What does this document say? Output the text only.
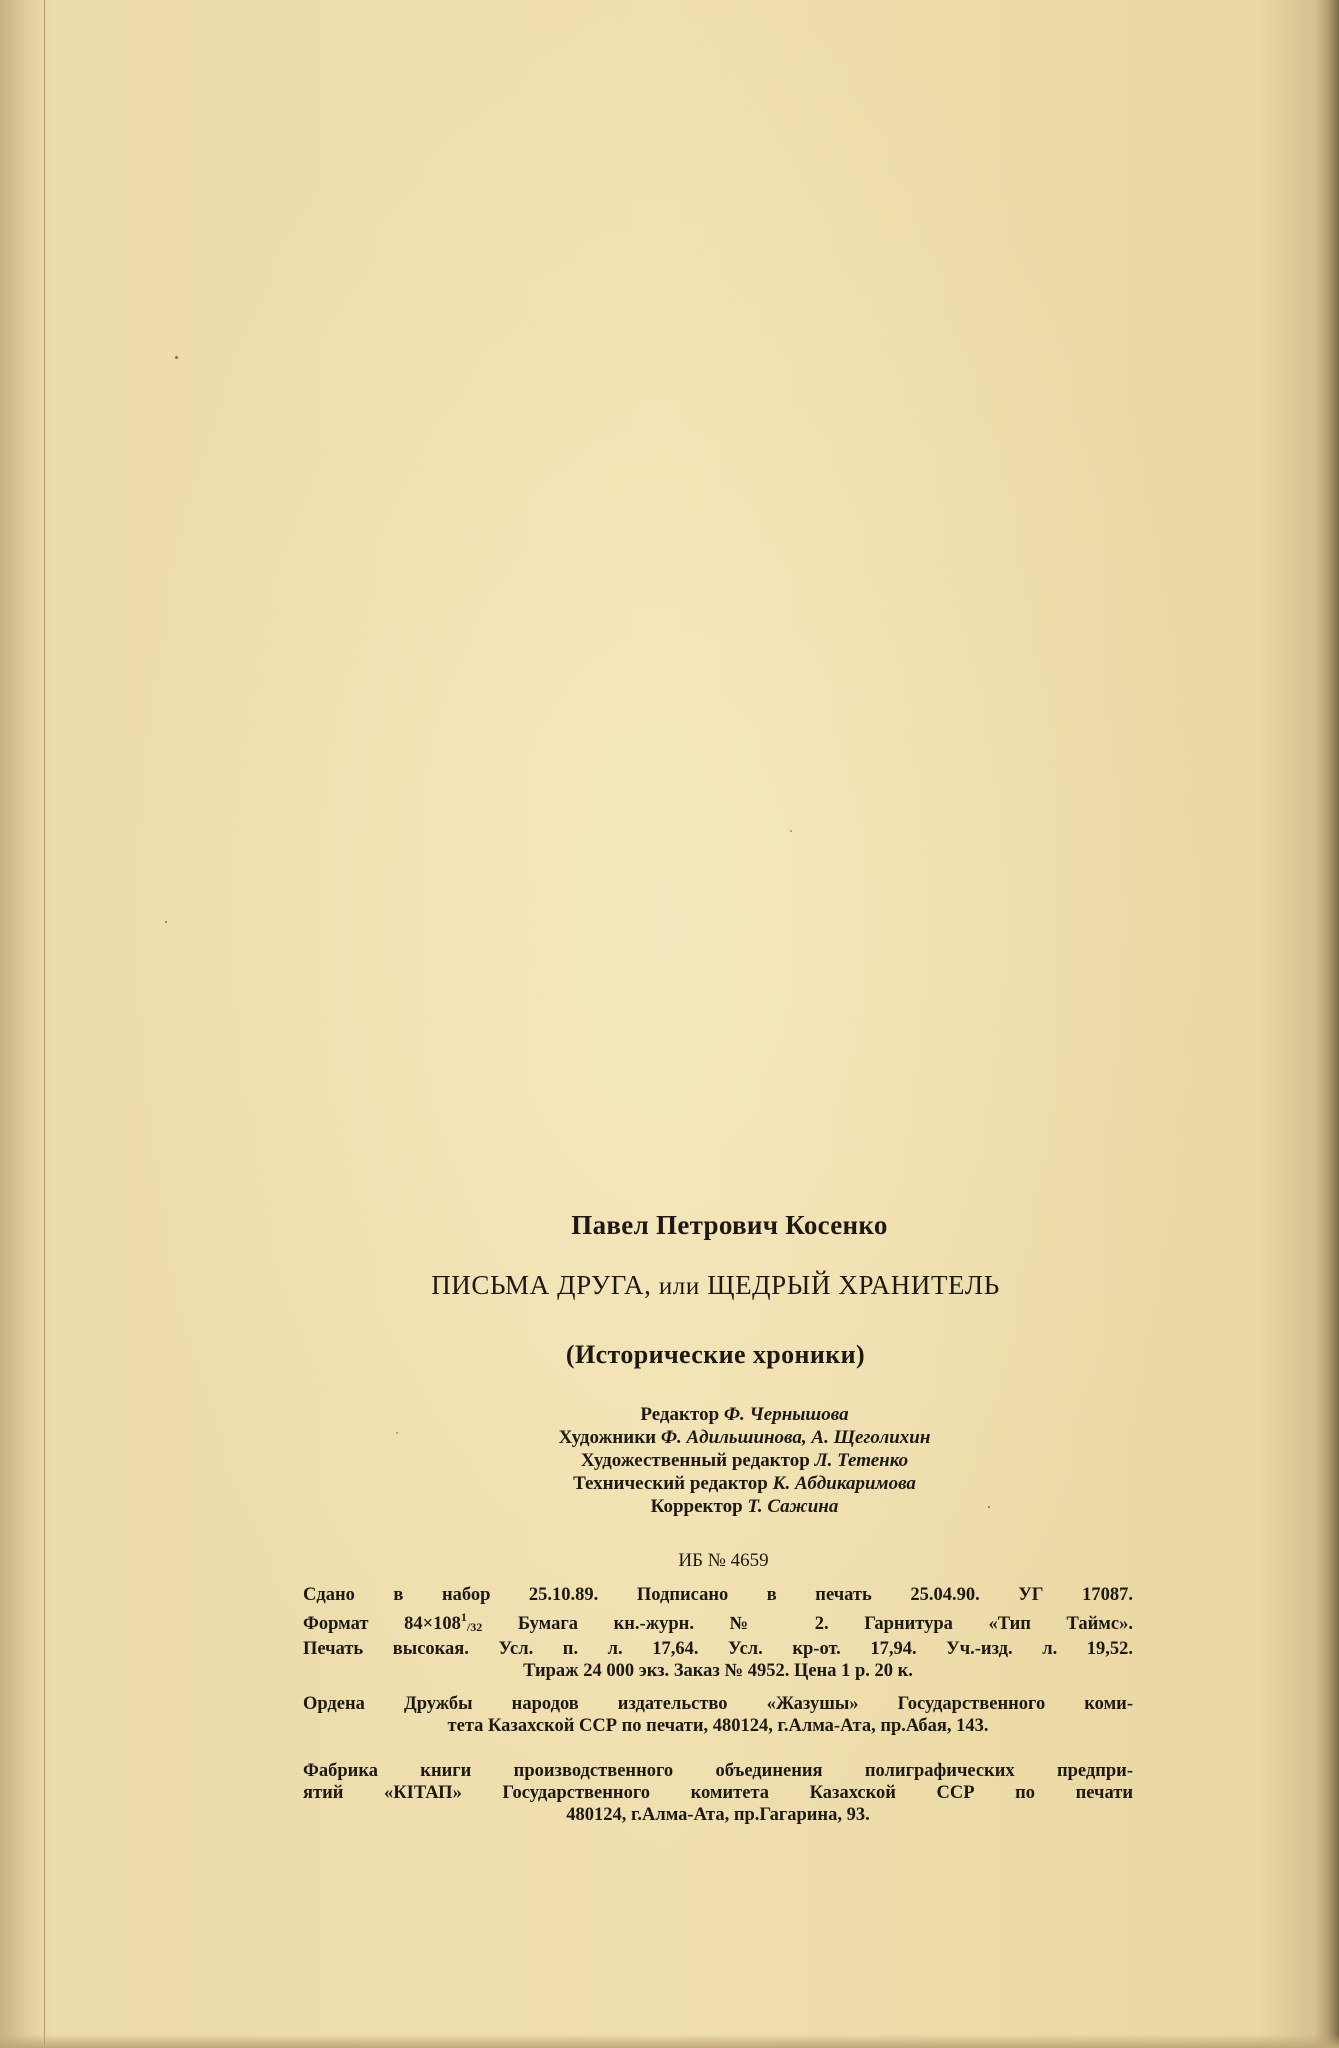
Павел Петрович Косенко
ПИСЬМА ДРУГА, или ЩЕДРЫЙ ХРАНИТЕЛЬ
(Исторические хроники)
Редактор Ф. Чернышова
Художники Ф. Адильшинова, А. Щеголихин
Художественный редактор Л. Тетенко
Технический редактор К. Абдикаримова
Корректор Т. Сажина
ИБ № 4659
Сдано в набор 25.10.89. Подписано в печать 25.04.90. УГ 17087.
Формат $84\times 108^1_{/32}$ Бумага кн.-журн. № 2. Гарнитура «Тип Таймс».
Печать высокая. Усл. п. л. 17,64. Усл. кр-от. 17,94. Уч.-изд. л. 19,52.
Тираж 24 000 экз. Заказ № 4952. Цена 1 р. 20 к.
Ордена Дружбы народов издательство «Жазушы» Государственного коми-
тета Казахской ССР по печати, 480124, г.Алма-Ата, пр.Абая, 143.
Фабрика книги производственного объединения полиграфических предпри-
ятий «КІТАП» Государственного комитета Казахской ССР по печати
480124, г.Алма-Ата, пр.Гагарина, 93.
